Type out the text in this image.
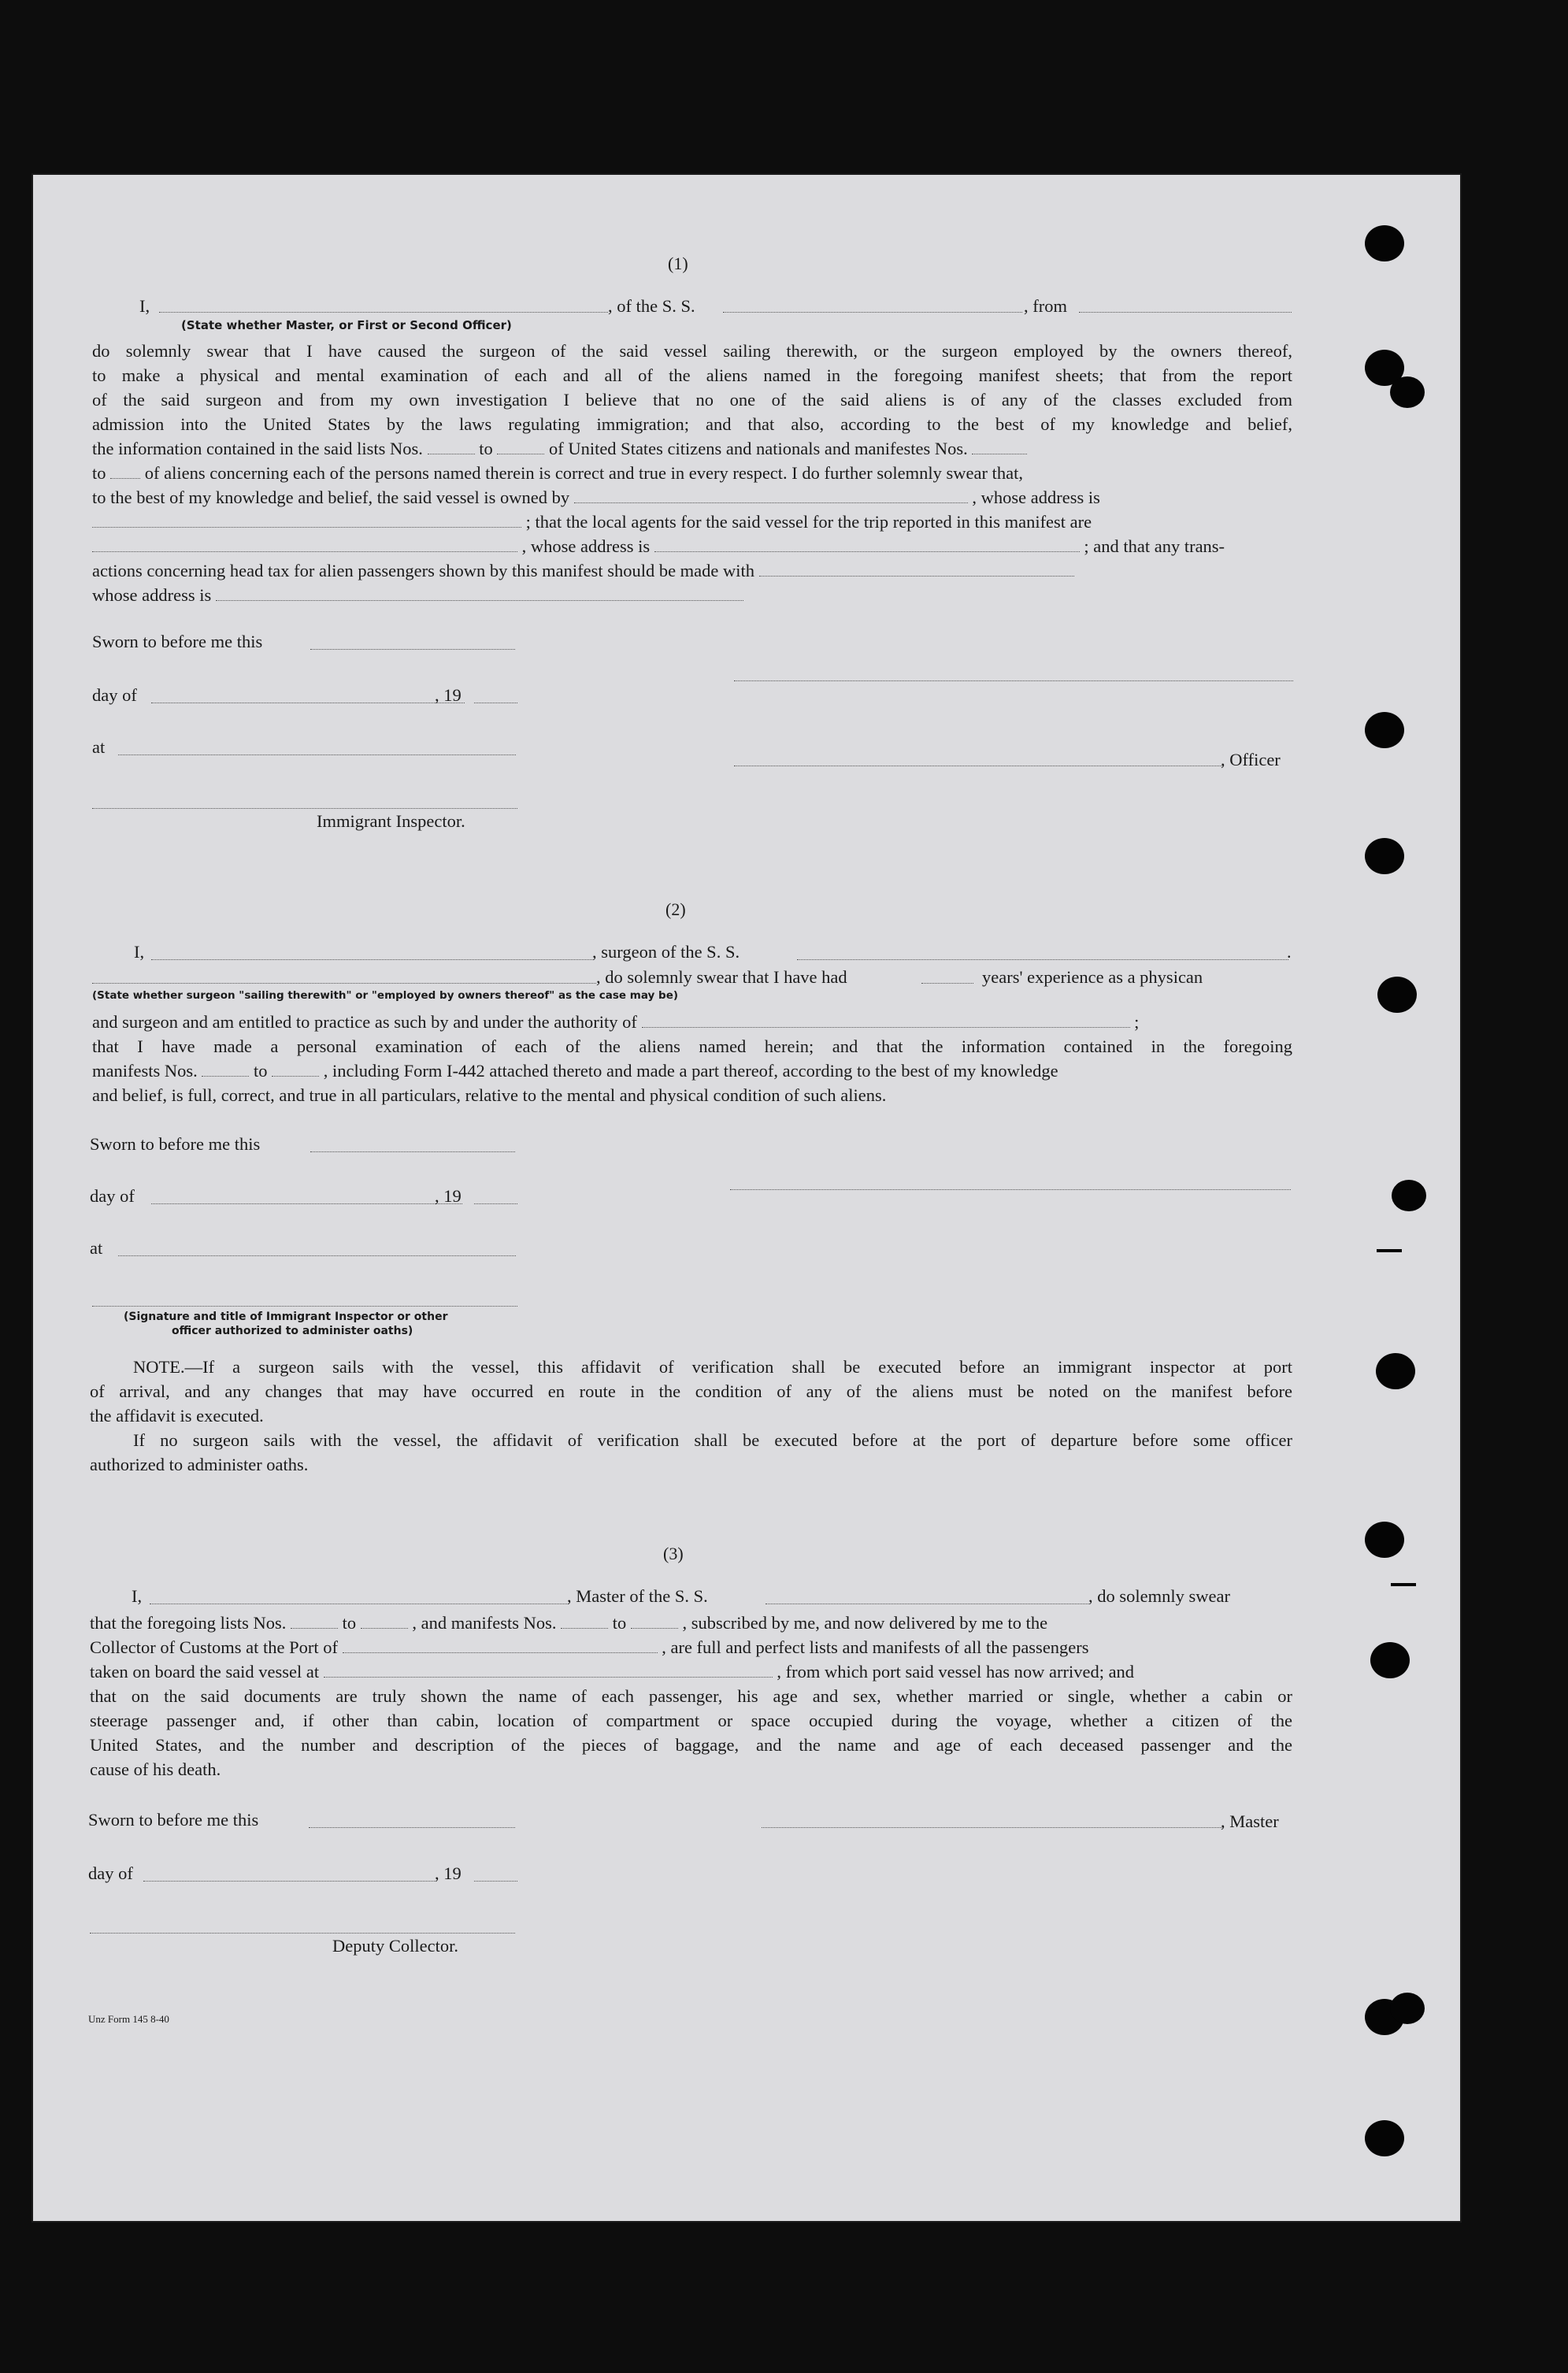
(1)
I,	, of the S. S.	, from
(State whether Master, or First or Second Officer)
do solemnly swear that I have caused the surgeon of the said vessel sailing therewith, or the surgeon employed by the owners thereof,
to make a physical and mental examination of each and all of the aliens named in the foregoing manifest sheets; that from the report
of the said surgeon and from my own investigation I believe that no one of the said aliens is of any of the classes excluded from
admission into the United States by the laws regulating immigration; and that also, according to the best of my knowledge and belief,
the information contained in the said lists Nos.	to	of United States citizens and nationals and manifestes Nos.
to of aliens concerning each of the persons named therein is correct and true in every respect. I do further solemnly swear that,
to the best of my knowledge and belief, the said vessel is owned by	, whose address is
; that the local agents for the said vessel for the trip reported in this manifest are
, whose address is	; and that any trans-
actions concerning head tax for alien passengers shown by this manifest should be made with
whose address is
Sworn to before me this
day of	, 19
at
, Officer
Immigrant Inspector.
(2)
I,	, surgeon of the S. S.	.
, do solemnly swear that I have had	years' experience as a physican
(State whether surgeon "sailing therewith" or "employed by owners thereof" as the case may be)
and surgeon and am entitled to practice as such by and under the authority of	;
that I have made a personal examination of each of the aliens named herein; and that the information contained in the foregoing
manifests Nos.	to	, including Form I-442 attached thereto and made a part thereof, according to the best of my knowledge
and belief, is full, correct, and true in all particulars, relative to the mental and physical condition of such aliens.
Sworn to before me this
day of	, 19
at
(Signature and title of Immigrant Inspector or other
officer authorized to administer oaths)
NOTE.—If a surgeon sails with the vessel, this affidavit of verification shall be executed before an immigrant inspector at port
of arrival, and any changes that may have occurred en route in the condition of any of the aliens must be noted on the manifest before
the affidavit is executed.
If no surgeon sails with the vessel, the affidavit of verification shall be executed before at the port of departure before some officer
authorized to administer oaths.
(3)
I,	, Master of the S. S.	, do solemnly swear
that the foregoing lists Nos.	to	, and manifests Nos.	to	, subscribed by me, and now delivered by me to the
Collector of Customs at the Port of	, are full and perfect lists and manifests of all the passengers
taken on board the said vessel at	, from which port said vessel has now arrived; and
that on the said documents are truly shown the name of each passenger, his age and sex, whether married or single, whether a cabin or
steerage passenger and, if other than cabin, location of compartment or space occupied during the voyage, whether a citizen of the
United States, and the number and description of the pieces of baggage, and the name and age of each deceased passenger and the
cause of his death.
Sworn to before me this	, Master
day of	, 19
Deputy Collector.
Unz Form 145 8-40
